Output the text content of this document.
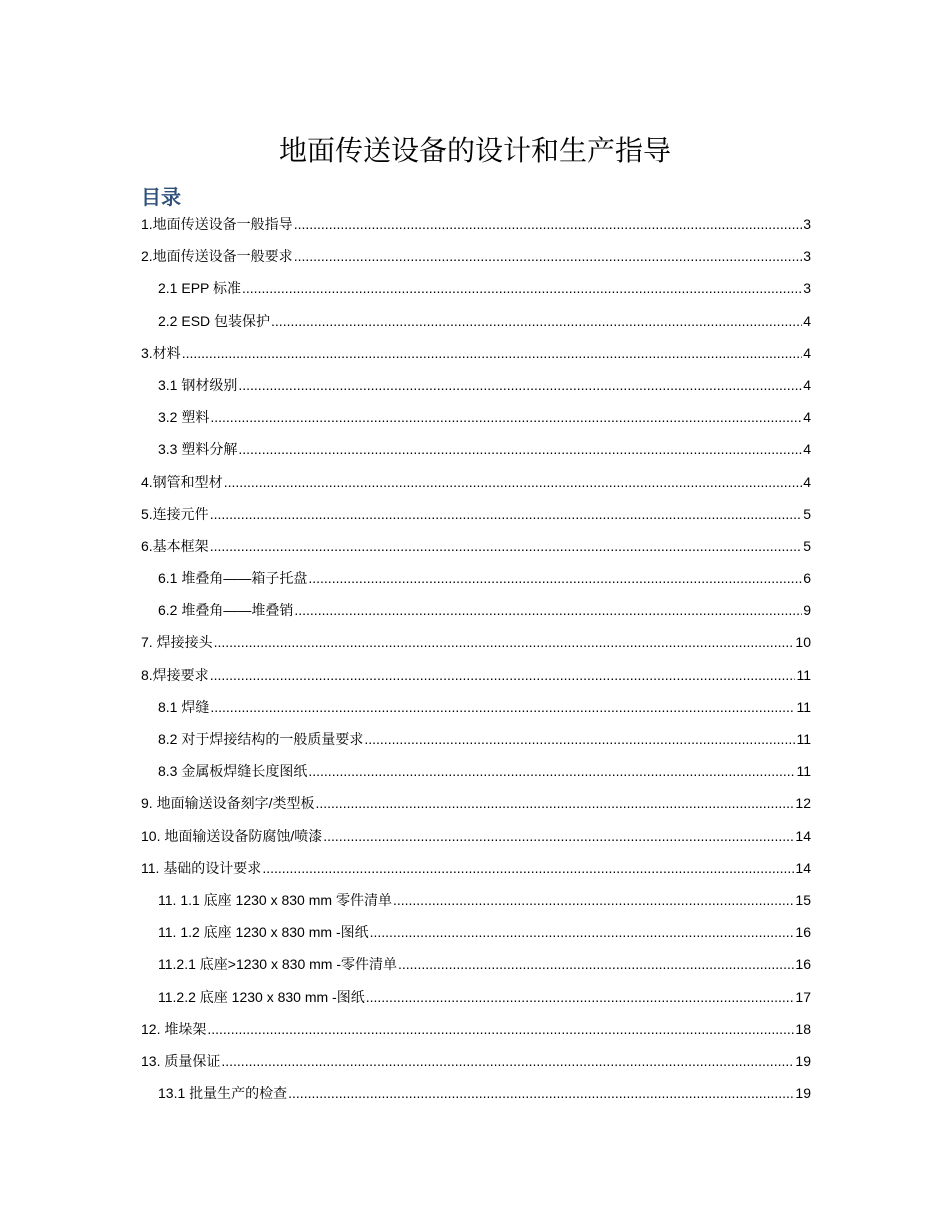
地面传送设备的设计和生产指导
目录
1.地面传送设备一般指导 .....	3
2.地面传送设备一般要求 .....	3
2.1 EPP 标准 .....	3
2.2 ESD 包装保护 .....	4
3.材料 .....	4
3.1 钢材级别 .....	4
3.2 塑料 .....	4
3.3 塑料分解 .....	4
4.钢管和型材 .....	4
5.连接元件 .....	5
6.基本框架 .....	5
6.1 堆叠角——箱子托盘 .....	6
6.2 堆叠角——堆叠销 .....	9
7. 焊接接头 .....	10
8.焊接要求 .....	11
8.1 焊缝 .....	11
8.2 对于焊接结构的一般质量要求 .....	11
8.3 金属板焊缝长度图纸 .....	11
9. 地面输送设备刻字/类型板 .....	12
10. 地面输送设备防腐蚀/喷漆 .....	14
11. 基础的设计要求 .....	14
11. 1.1 底座 1230 x 830 mm 零件清单 .....	15
11. 1.2 底座 1230 x 830 mm -图纸 .....	16
11.2.1 底座>1230 x 830 mm -零件清单 .....	16
11.2.2 底座 1230 x 830 mm -图纸 .....	17
12. 堆垛架 .....	18
13. 质量保证 .....	19
13.1 批量生产的检查 .....	19
